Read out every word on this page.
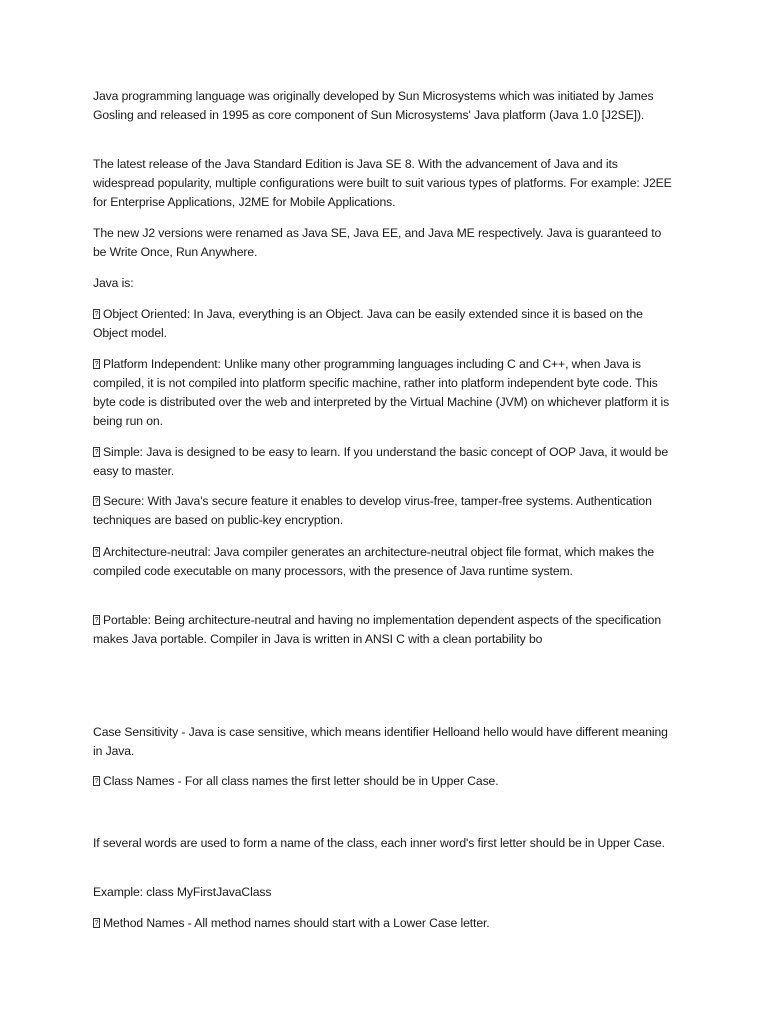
Java programming language was originally developed by Sun Microsystems which was initiated by James Gosling and released in 1995 as core component of Sun Microsystems' Java platform (Java 1.0 [J2SE]).

The latest release of the Java Standard Edition is Java SE 8. With the advancement of Java and its widespread popularity, multiple configurations were built to suit various types of platforms. For example: J2EE for Enterprise Applications, J2ME for Mobile Applications.

The new J2 versions were renamed as Java SE, Java EE, and Java ME respectively. Java is guaranteed to be Write Once, Run Anywhere.

Java is:

? Object Oriented: In Java, everything is an Object. Java can be easily extended since it is based on the Object model.

? Platform Independent: Unlike many other programming languages including C and C++, when Java is compiled, it is not compiled into platform specific machine, rather into platform independent byte code. This byte code is distributed over the web and interpreted by the Virtual Machine (JVM) on whichever platform it is being run on.

? Simple: Java is designed to be easy to learn. If you understand the basic concept of OOP Java, it would be easy to master.

? Secure: With Java's secure feature it enables to develop virus-free, tamper-free systems. Authentication techniques are based on public-key encryption.

? Architecture-neutral: Java compiler generates an architecture-neutral object file format, which makes the compiled code executable on many processors, with the presence of Java runtime system.

? Portable: Being architecture-neutral and having no implementation dependent aspects of the specification makes Java portable. Compiler in Java is written in ANSI C with a clean portability bo

Case Sensitivity - Java is case sensitive, which means identifier Helloand hello would have different meaning in Java.

? Class Names - For all class names the first letter should be in Upper Case.

If several words are used to form a name of the class, each inner word's first letter should be in Upper Case.

Example: class MyFirstJavaClass

? Method Names - All method names should start with a Lower Case letter.
